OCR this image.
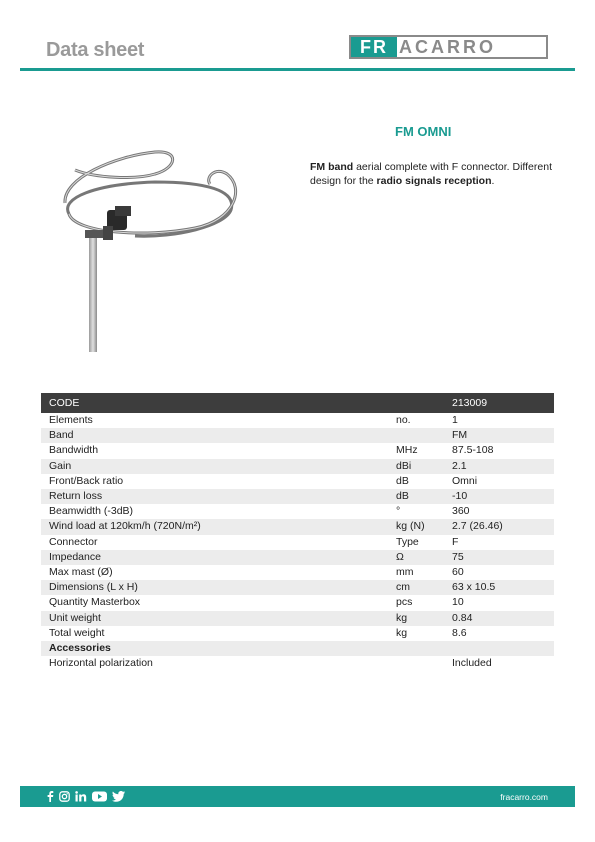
Data sheet	FR ACARRO
FM OMNI
FM band aerial complete with F connector. Different design for the radio signals reception.
CODE		213009
Elements	no.	1
Band		FM
Bandwidth	MHz	87.5-108
Gain	dBi	2.1
Front/Back ratio	dB	Omni
Return loss	dB	-10
Beamwidth (-3dB)	°	360
Wind load at 120km/h (720N/m²)	kg (N)	2.7 (26.46)
Connector	Type	F
Impedance	Ω	75
Max mast (Ø)	mm	60
Dimensions (L x H)	cm	63 x 10.5
Quantity Masterbox	pcs	10
Unit weight	kg	0.84
Total weight	kg	8.6
Accessories		
Horizontal polarization		Included
fracarro.com
